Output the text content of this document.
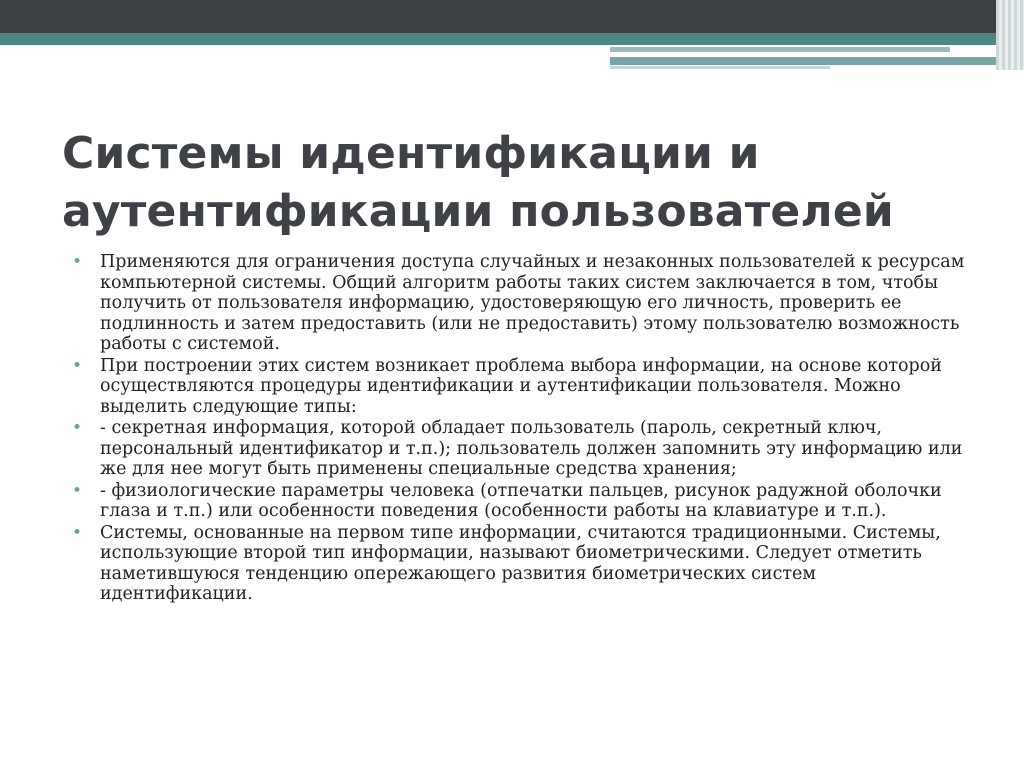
Системы идентификации и
аутентификации пользователей
• Применяются для ограничения доступа случайных и незаконных пользователей к ресурсам компьютерной системы. Общий алгоритм работы таких систем заключается в том, чтобы получить от пользователя информацию, удостоверяющую его личность, проверить ее подлинность и затем предоставить (или не предоставить) этому пользователю возможность работы с системой.
• При построении этих систем возникает проблема выбора информации, на основе которой осуществляются процедуры идентификации и аутентификации пользователя. Можно выделить следующие типы:
• - секретная информация, которой обладает пользователь (пароль, секретный ключ, персональный идентификатор и т.п.); пользователь должен запомнить эту информацию или же для нее могут быть применены специальные средства хранения;
• - физиологические параметры человека (отпечатки пальцев, рисунок радужной оболочки глаза и т.п.) или особенности поведения (особенности работы на клавиатуре и т.п.).
• Системы, основанные на первом типе информации, считаются традиционными. Системы, использующие второй тип информации, называют биометрическими. Следует отметить наметившуюся тенденцию опережающего развития биометрических систем идентификации.
